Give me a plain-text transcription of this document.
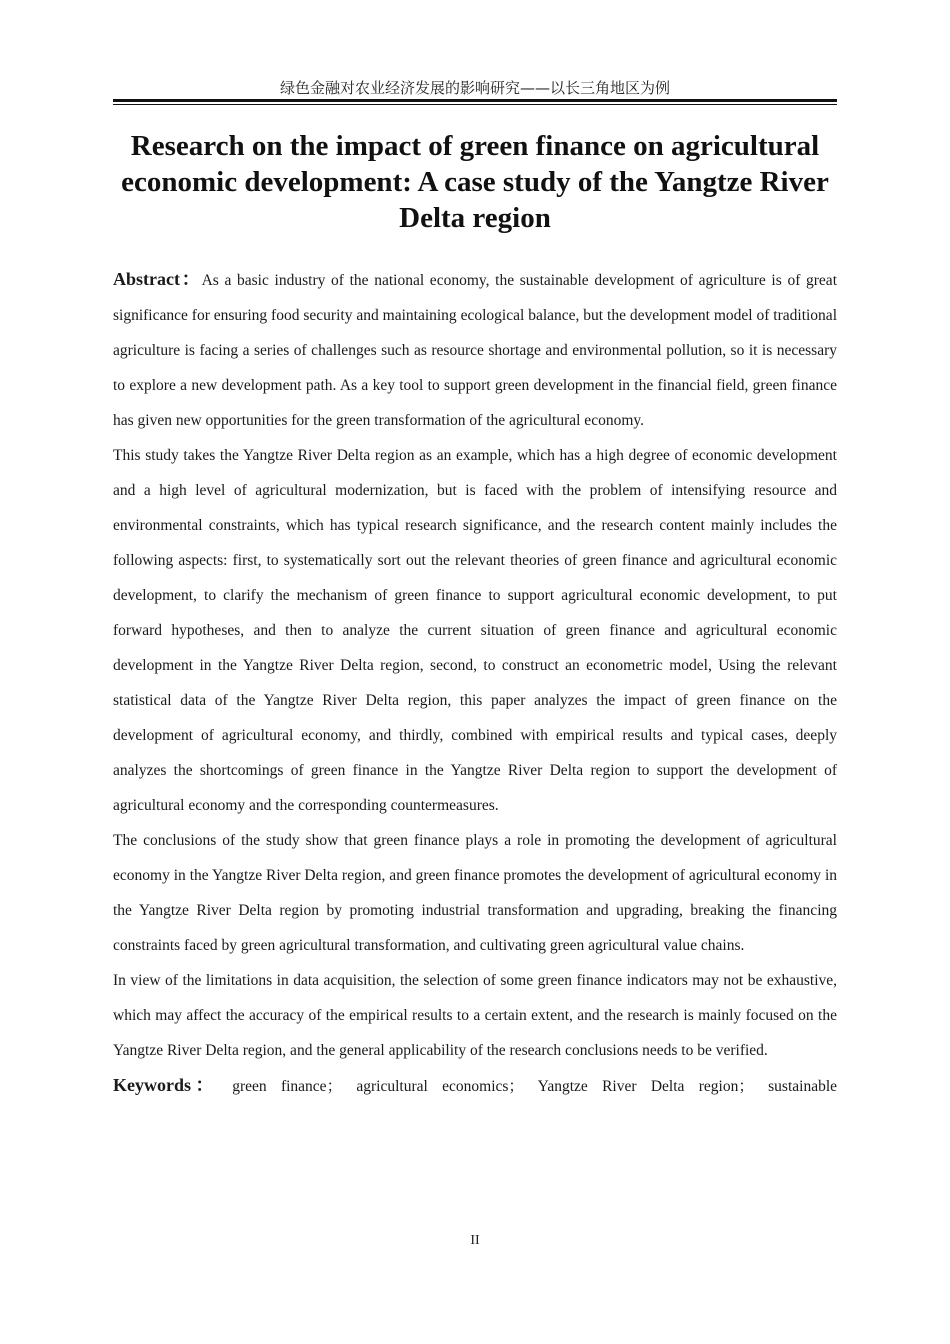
绿色金融对农业经济发展的影响研究——以长三角地区为例
Research on the impact of green finance on agricultural economic development: A case study of the Yangtze River Delta region

Abstract：As a basic industry of the national economy, the sustainable development of agriculture is of great significance for ensuring food security and maintaining ecological balance, but the development model of traditional agriculture is facing a series of challenges such as resource shortage and environmental pollution, so it is necessary to explore a new development path. As a key tool to support green development in the financial field, green finance has given new opportunities for the green transformation of the agricultural economy.

This study takes the Yangtze River Delta region as an example, which has a high degree of economic development and a high level of agricultural modernization, but is faced with the problem of intensifying resource and environmental constraints, which has typical research significance, and the research content mainly includes the following aspects: first, to systematically sort out the relevant theories of green finance and agricultural economic development, to clarify the mechanism of green finance to support agricultural economic development, to put forward hypotheses, and then to analyze the current situation of green finance and agricultural economic development in the Yangtze River Delta region, second, to construct an econometric model, Using the relevant statistical data of the Yangtze River Delta region, this paper analyzes the impact of green finance on the development of agricultural economy, and thirdly, combined with empirical results and typical cases, deeply analyzes the shortcomings of green finance in the Yangtze River Delta region to support the development of agricultural economy and the corresponding countermeasures.

The conclusions of the study show that green finance plays a role in promoting the development of agricultural economy in the Yangtze River Delta region, and green finance promotes the development of agricultural economy in the Yangtze River Delta region by promoting industrial transformation and upgrading, breaking the financing constraints faced by green agricultural transformation, and cultivating green agricultural value chains.

In view of the limitations in data acquisition, the selection of some green finance indicators may not be exhaustive, which may affect the accuracy of the empirical results to a certain extent, and the research is mainly focused on the Yangtze River Delta region, and the general applicability of the research conclusions needs to be verified.

Keywords： green finance； agricultural economics； Yangtze River Delta region； sustainable

II
